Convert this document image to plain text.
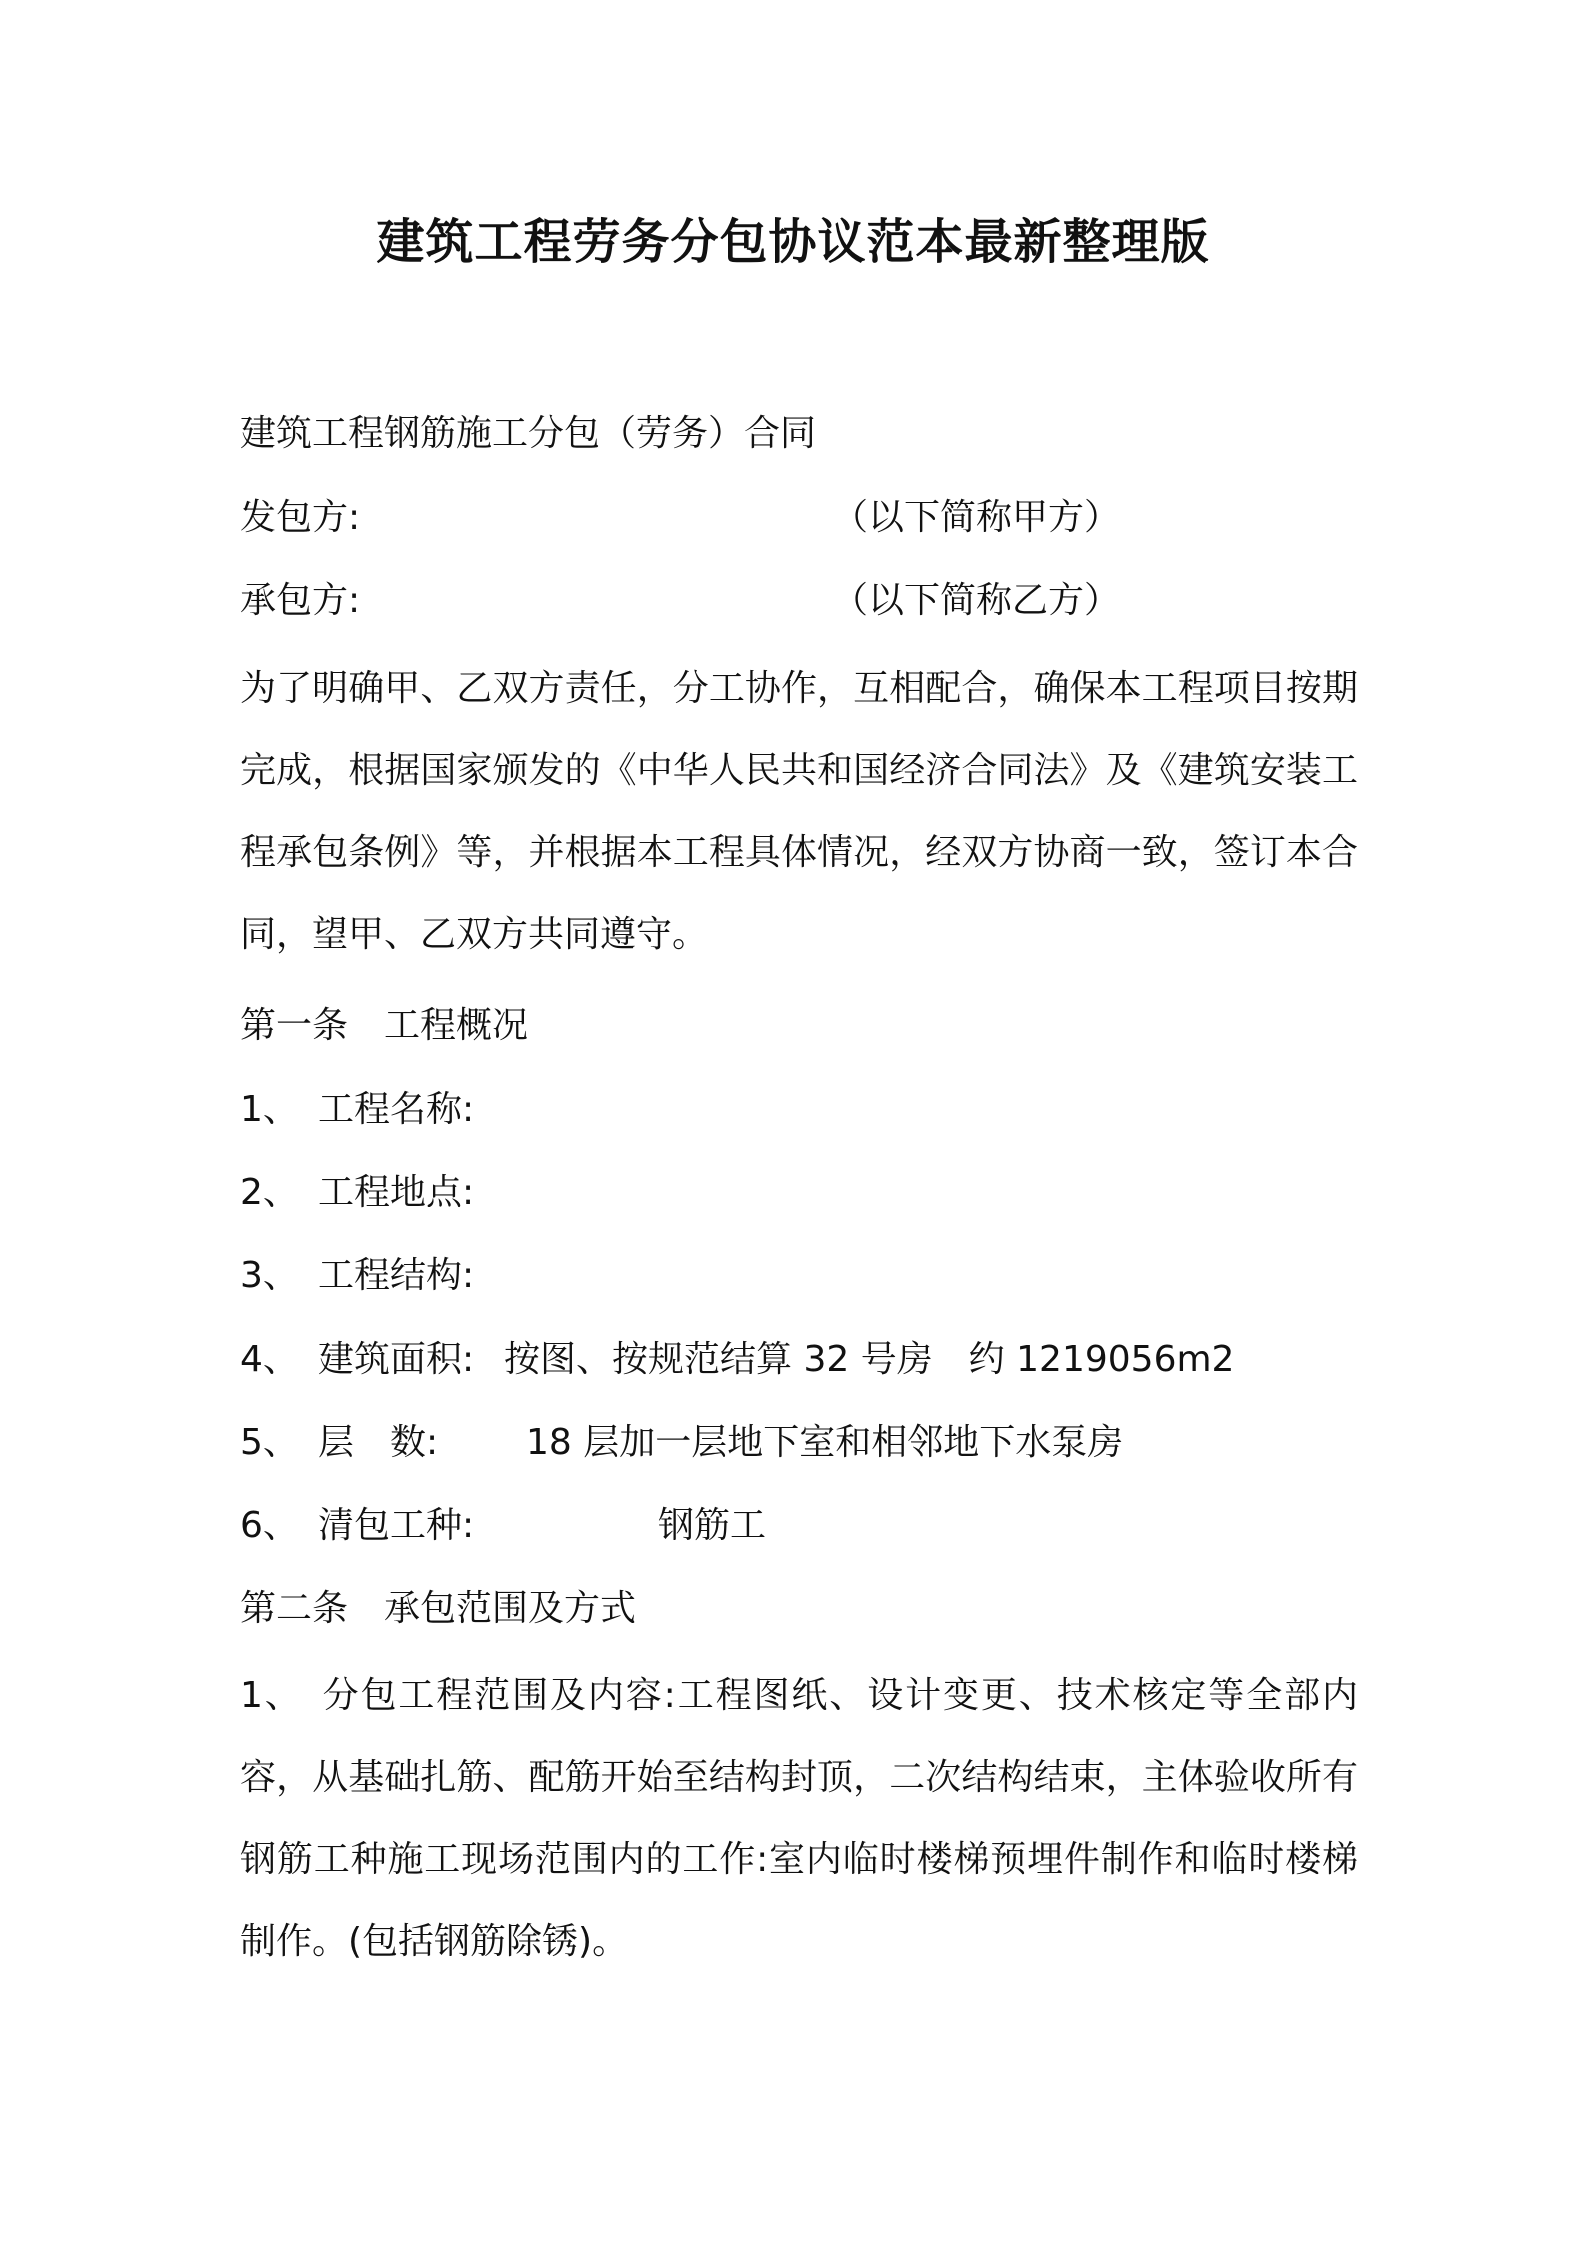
建筑工程劳务分包协议范本最新整理版
建筑工程钢筋施工分包（劳务）合同
发包方:	（以下简称甲方）
承包方:	（以下简称乙方）
为了明确甲、乙双方责任，分工协作，互相配合，确保本工程项目按期完成，根据国家颁发的《中华人民共和国经济合同法》及《建筑安装工程承包条例》等，并根据本工程具体情况，经双方协商一致，签订本合同，望甲、乙双方共同遵守。
第一条　工程概况
1、 工程名称:
2、 工程地点:
3、 工程结构:
4、 建筑面积: 按图、按规范结算 32 号房　约 1219056m2
5、 层　数: 18 层加一层地下室和相邻地下水泵房
6、 清包工种:	钢筋工
第二条　承包范围及方式
1、　分包工程范围及内容:工程图纸、设计变更、技术核定等全部内容，从基础扎筋、配筋开始至结构封顶，二次结构结束，主体验收所有钢筋工种施工现场范围内的工作:室内临时楼梯预埋件制作和临时楼梯制作。(包括钢筋除锈)。
